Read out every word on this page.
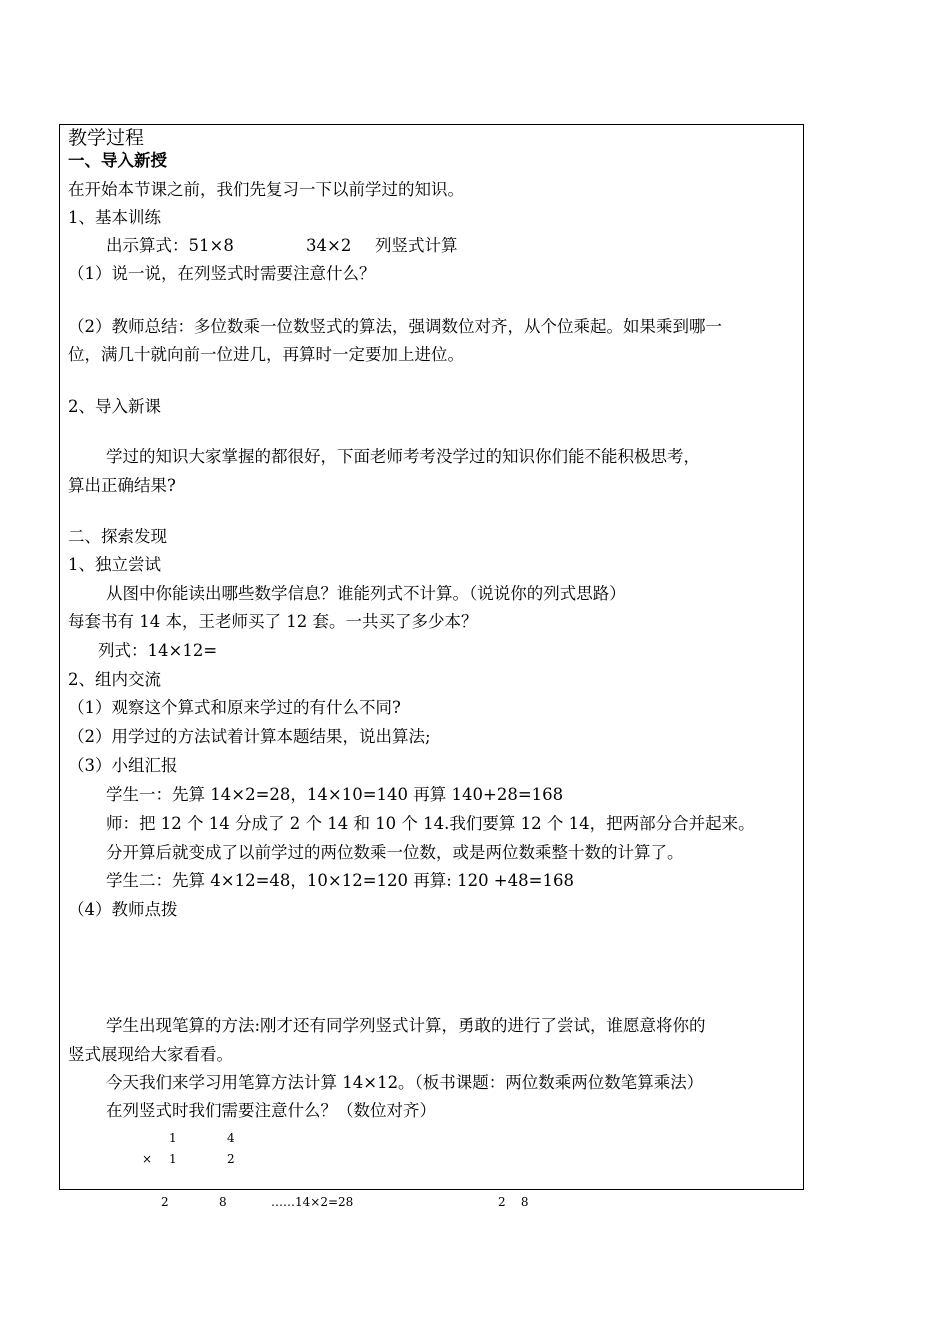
教学过程
一、导入新授
在开始本节课之前，我们先复习一下以前学过的知识。
1、基本训练
出示算式：51×8	34×2 列竖式计算
（1）说一说，在列竖式时需要注意什么？
（2）教师总结：多位数乘一位数竖式的算法，强调数位对齐，从个位乘起。如果乘到哪一
位，满几十就向前一位进几，再算时一定要加上进位。
2、导入新课
学过的知识大家掌握的都很好，下面老师考考没学过的知识你们能不能积极思考，
算出正确结果?
二、探索发现
1、独立尝试
从图中你能读出哪些数学信息？谁能列式不计算。（说说你的列式思路）
每套书有 14 本，王老师买了 12 套。一共买了多少本？
列式：14×12=
2、组内交流
（1）观察这个算式和原来学过的有什么不同?
（2）用学过的方法试着计算本题结果，说出算法;
（3）小组汇报
学生一：先算 14×2=28，14×10=140 再算 140+28=168
师：把 12 个 14 分成了 2 个 14 和 10 个 14.我们要算 12 个 14，把两部分合并起来。
分开算后就变成了以前学过的两位数乘一位数，或是两位数乘整十数的计算了。
学生二：先算 4×12=48，10×12=120 再算: 120 +48=168
（4）教师点拨
学生出现笔算的方法:刚才还有同学列竖式计算，勇敢的进行了尝试，谁愿意将你的
竖式展现给大家看看。
今天我们来学习用笔算方法计算 14×12。（板书课题：两位数乘两位数笔算乘法）
在列竖式时我们需要注意什么？（数位对齐）
1	4
× 1	2
2	8	……14×2=28	2    8
